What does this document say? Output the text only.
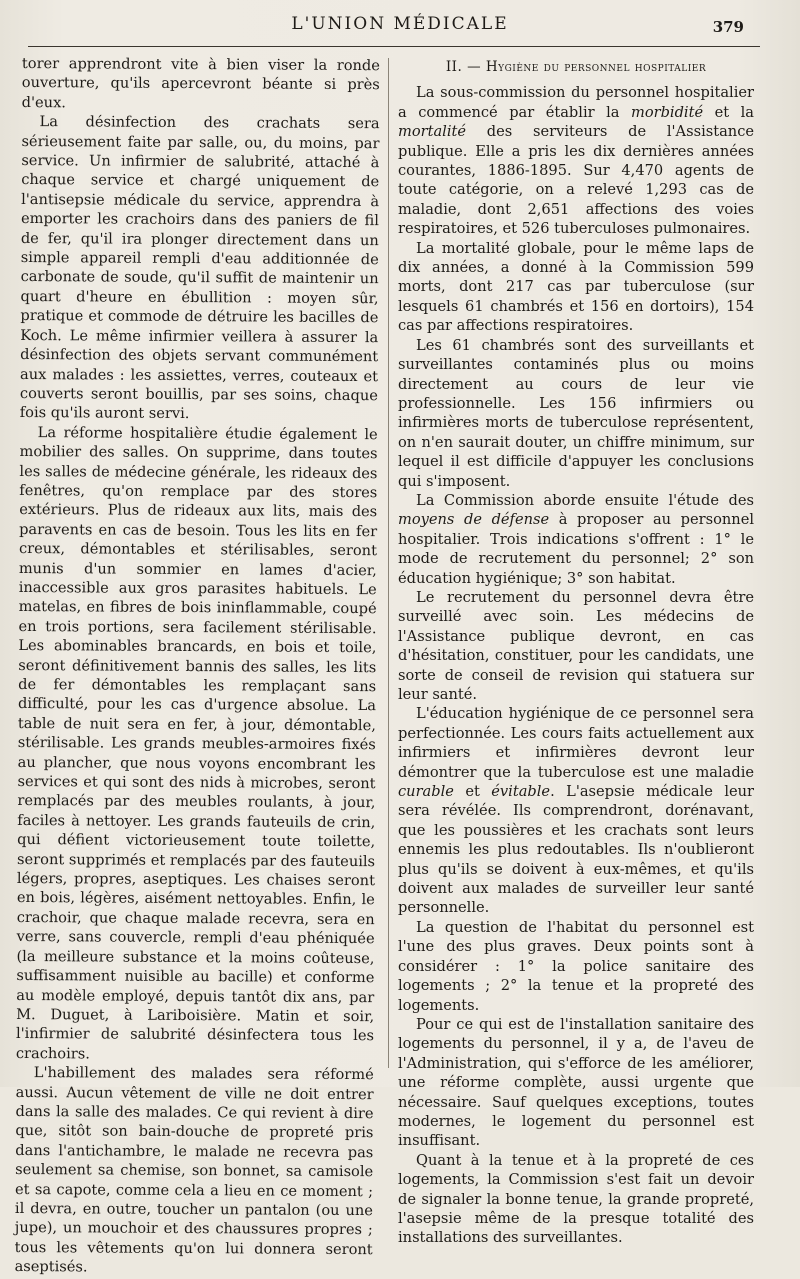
L'UNION MÉDICALE	379

torer apprendront vite à bien viser la ronde ouverture, qu'ils apercevront béante si près d'eux.

La désinfection des crachats sera sérieusement faite par salle, ou, du moins, par service. Un infirmier de salubrité, attaché à chaque service et chargé uniquement de l'antisepsie médicale du service, apprendra à emporter les crachoirs dans des paniers de fil de fer, qu'il ira plonger directement dans un simple appareil rempli d'eau additionnée de carbonate de soude, qu'il suffit de maintenir un quart d'heure en ébullition : moyen sûr, pratique et commode de détruire les bacilles de Koch. Le même infirmier veillera à assurer la désinfection des objets servant communément aux malades : les assiettes, verres, couteaux et couverts seront bouillis, par ses soins, chaque fois qu'ils auront servi.

La réforme hospitalière étudie également le mobilier des salles. On supprime, dans toutes les salles de médecine générale, les rideaux des fenêtres, qu'on remplace par des stores extérieurs. Plus de rideaux aux lits, mais des paravents en cas de besoin. Tous les lits en fer creux, démontables et stérilisables, seront munis d'un sommier en lames d'acier, inaccessible aux gros parasites habituels. Le matelas, en fibres de bois ininflammable, coupé en trois portions, sera facilement stérilisable. Les abominables brancards, en bois et toile, seront définitivement bannis des salles, les lits de fer démontables les remplaçant sans difficulté, pour les cas d'urgence absolue. La table de nuit sera en fer, à jour, démontable, stérilisable. Les grands meubles-armoires fixés au plancher, que nous voyons encombrant les services et qui sont des nids à microbes, seront remplacés par des meubles roulants, à jour, faciles à nettoyer. Les grands fauteuils de crin, qui défient victorieusement toute toilette, seront supprimés et remplacés par des fauteuils légers, propres, aseptiques. Les chaises seront en bois, légères, aisément nettoyables. Enfin, le crachoir, que chaque malade recevra, sera en verre, sans couvercle, rempli d'eau phéniquée (la meilleure substance et la moins coûteuse, suffisamment nuisible au bacille) et conforme au modèle employé, depuis tantôt dix ans, par M. Duguet, à Lariboisière. Matin et soir, l'infirmier de salubrité désinfectera tous les crachoirs.

L'habillement des malades sera réformé aussi. Aucun vêtement de ville ne doit entrer dans la salle des malades. Ce qui revient à dire que, sitôt son bain-douche de propreté pris dans l'antichambre, le malade ne recevra pas seulement sa chemise, son bonnet, sa camisole et sa capote, comme cela a lieu en ce moment ; il devra, en outre, toucher un pantalon (ou une jupe), un mouchoir et des chaussures propres ; tous les vêtements qu'on lui donnera seront aseptisés.

II. — Hygiène du personnel hospitalier

La sous-commission du personnel hospitalier a commencé par établir la morbidité et la mortalité des serviteurs de l'Assistance publique. Elle a pris les dix dernières années courantes, 1886-1895. Sur 4,470 agents de toute catégorie, on a relevé 1,293 cas de maladie, dont 2,651 affections des voies respiratoires, et 526 tuberculoses pulmonaires.

La mortalité globale, pour le même laps de dix années, a donné à la Commission 599 morts, dont 217 cas par tuberculose (sur lesquels 61 chambrés et 156 en dortoirs), 154 cas par affections respiratoires.

Les 61 chambrés sont des surveillants et surveillantes contaminés plus ou moins directement au cours de leur vie professionnelle. Les 156 infirmiers ou infirmières morts de tuberculose représentent, on n'en saurait douter, un chiffre minimum, sur lequel il est difficile d'appuyer les conclusions qui s'imposent.

La Commission aborde ensuite l'étude des moyens de défense à proposer au personnel hospitalier. Trois indications s'offrent : 1° le mode de recrutement du personnel; 2° son éducation hygiénique; 3° son habitat.

Le recrutement du personnel devra être surveillé avec soin. Les médecins de l'Assistance publique devront, en cas d'hésitation, constituer, pour les candidats, une sorte de conseil de revision qui statuera sur leur santé.

L'éducation hygiénique de ce personnel sera perfectionnée. Les cours faits actuellement aux infirmiers et infirmières devront leur démontrer que la tuberculose est une maladie curable et évitable. L'asepsie médicale leur sera révélée. Ils comprendront, dorénavant, que les poussières et les crachats sont leurs ennemis les plus redoutables. Ils n'oublieront plus qu'ils se doivent à eux-mêmes, et qu'ils doivent aux malades de surveiller leur santé personnelle.

La question de l'habitat du personnel est l'une des plus graves. Deux points sont à considérer : 1° la police sanitaire des logements ; 2° la tenue et la propreté des logements.

Pour ce qui est de l'installation sanitaire des logements du personnel, il y a, de l'aveu de l'Administration, qui s'efforce de les améliorer, une réforme complète, aussi urgente que nécessaire. Sauf quelques exceptions, toutes modernes, le logement du personnel est insuffisant.

Quant à la tenue et à la propreté de ces logements, la Commission s'est fait un devoir de signaler la bonne tenue, la grande propreté, l'asepsie même de la presque totalité des installations des surveillantes.
